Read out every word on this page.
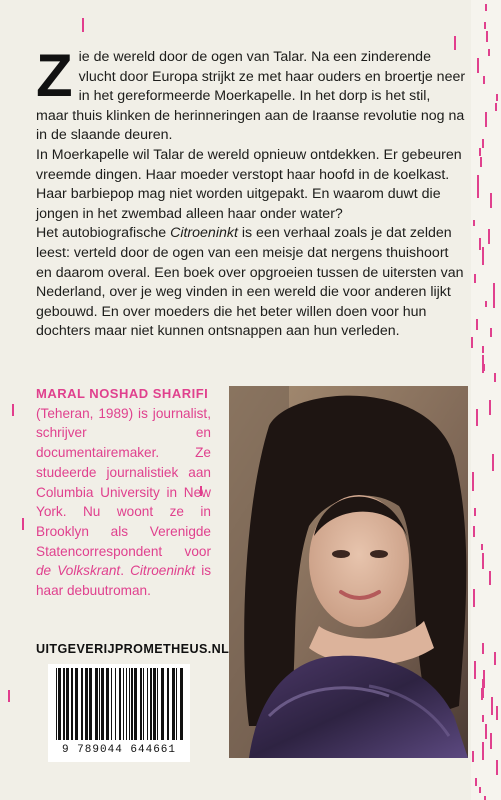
Z ie de wereld door de ogen van Talar. Na een zinderende vlucht door Europa strijkt ze met haar ouders en broertje neer in het gereformeerde Moerkapelle. In het dorp is het stil, maar thuis klinken de herinneringen aan de Iraanse revolutie nog na in de slaande deuren.

In Moerkapelle wil Talar de wereld opnieuw ontdekken. Er gebeuren vreemde dingen. Haar moeder verstopt haar hoofd in de koelkast. Haar barbiepop mag niet worden uitgepakt. En waarom duwt die jongen in het zwembad alleen haar onder water?

Het autobiografische Citroeninkt is een verhaal zoals je dat zelden leest: verteld door de ogen van een meisje dat nergens thuishoort en daarom overal. Een boek over opgroeien tussen de uitersten van Nederland, over je weg vinden in een wereld die voor anderen lijkt gebouwd. En over moeders die het beter willen doen voor hun dochters maar niet kunnen ontsnappen aan hun verleden.

MARAL NOSHAD SHARIFI
(Teheran, 1989) is journalist, schrijver en documentairemaker. Ze studeerde journalistiek aan Columbia University in New York. Nu woont ze in Brooklyn als Verenigde Statencorrespondent voor de Volkskrant. Citroeninkt is haar debuutroman.
UITGEVERIJPROMETHEUS.NL
9 789044 644661
